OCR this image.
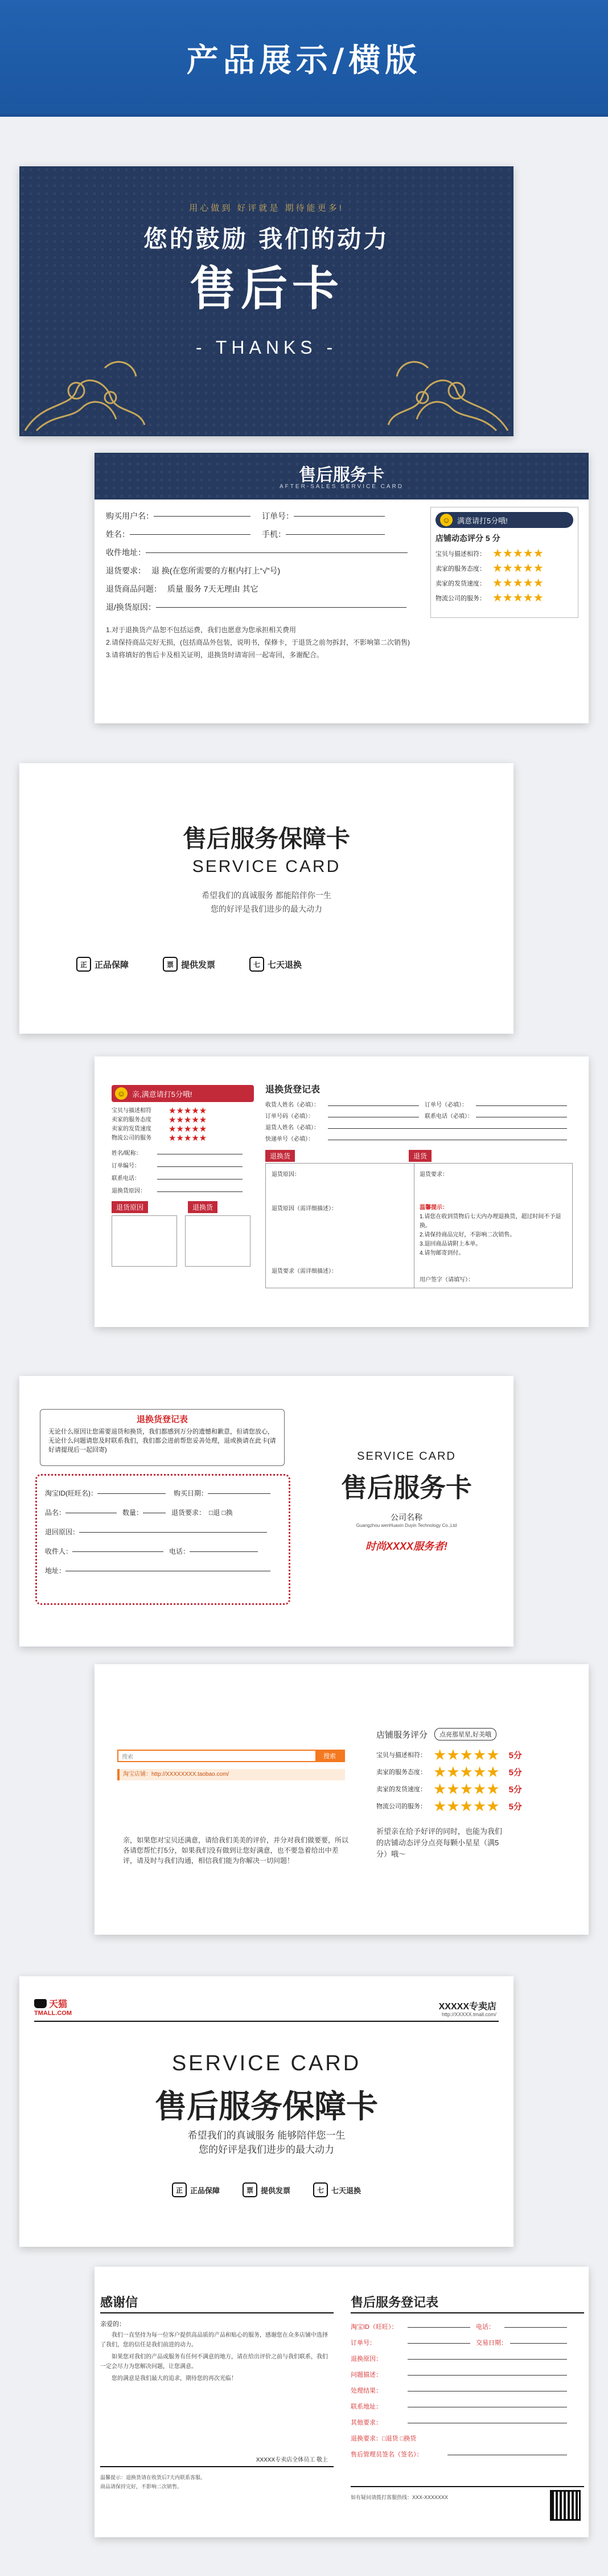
产品展示/横版
用心做到 好评就是 期待能更多!
您的鼓励 我们的动力
售后卡
- THANKS -
售后服务卡
AFTER-SALES SERVICE CARD
购买用户名：	订单号：
姓名：	手机：
收件地址：
退货要求： 退 换(在您所需要的方框内打上“√”号)
退货商品问题： 质量 服务 7天无理由 其它
退/换货原因：
1.对于退换货产品恕不包括运费，我们也愿意为您承担相关费用
2.请保持商品完好无损，(包括商品外包装，说明书，保修卡，于退货之前勿拆封，不影响第二次销售)
3.请将填好的售后卡及相关证明，退换货时请寄回一起寄回，多谢配合。
☺ 满意请打5分哦!
店铺动态评分 5 分
宝贝与描述相符： ★★★★★
卖家的服务态度： ★★★★★
卖家的发货速度： ★★★★★
物流公司的服务： ★★★★★
售后服务保障卡
SERVICE CARD
希望我们的真诚服务 都能陪伴你一生
您的好评是我们进步的最大动力
正 正品保障	票 提供发票	七 七天退换
☺ 亲,满意请打5分哦!
宝贝与描述相符	★★★★★
卖家的服务态度	★★★★★
卖家的发货速度	★★★★★
物流公司的服务	★★★★★
姓名/昵称：
订单编号：
联系电话：
退换货原因：
退货原因	退换货
退换货登记表
收货人姓名（必填）：	订单号（必填）：
订单号码（必填）：	联系电话（必填）：
退货人姓名（必填）：
快递单号（必填）：
退换货	退货
退货原因：	退货要求：
退货原因（需详细描述）：
退货要求（需详细描述）：
温馨提示：
1.请您在收到货物后七天内办理退换货，超过时间不予退换。
2.请保持商品完好，不影响二次销售。
3.退回商品请附上本单。
4.请勿邮寄到付。
用户签字（请填写）：
退换货登记表
无论什么原因让您需要退货和换货，我们都感到万分的遗憾和歉意，但请您放心，无论什么问题请您及时联系我们，我们都会进前帮您妥善处理，退或换请在此卡(请好请提现后一起回寄)
淘宝ID(旺旺名)：	购买日期：
品名：	数量：	退货要求： □退 □换
退回原因：
收件人：	电话：
地址：
SERVICE CARD
售后服务卡
公司名称
Guangzhou wenHuaxin Duyin Technology Co.,Ltd
时尚XXXX服务者!
搜索	搜索
淘宝店铺：http://XXXXXXXX.taobao.com/
亲，如果您对宝贝还满意，请给我们美美的评价，并分对我们做要要，所以各请您帮忙打5分，如果我们没有做到让您好满意，也不要急着给出中差评，请及时与我们沟通，相信我们能为你解决一切问题！
店铺服务评分	点亮那星星,好美哦
宝贝与描述相符： ★★★★★ 5分
卖家的服务态度： ★★★★★ 5分
卖家的发货速度： ★★★★★ 5分
物流公司的服务： ★★★★★ 5分
祈望亲在给予好评的同时，也能为我们的店铺动态评分点亮每颗小星星（满5分）哦～
天猫
TMALL.COM
XXXXX专卖店
http://XXXXX.tmall.com/
SERVICE CARD
售后服务保障卡
希望我们的真诚服务 能够陪伴您一生
您的好评是我们进步的最大动力
正	正品保障	票	提供发票	七	七天退换
感谢信
亲爱的：

我们一直坚持为每一位客户提供高品质的产品和贴心的服务，感谢您在众多店铺中选择了我们，您的信任是我们前进的动力。

如果您对我们的产品或服务有任何不满意的地方，请在给出评价之前与我们联系，我们一定会尽力为您解决问题，让您满意。

您的满意是我们最大的追求，期待您的再次光临！

XXXXX专卖店全体员工 敬上
温馨提示：退换货请在收货后7天内联系客服。
商品请保持完好，不影响二次销售。
售后服务登记表
淘宝ID（旺旺）：	电话：
订单号：	交易日期：
退换原因：
问题描述：
处理结果：
联系地址：
其他要求：
退换要求：□退货 □换货
售后管理员签名（签名）：
如有疑问请拨打客服热线：XXX-XXXXXXX
